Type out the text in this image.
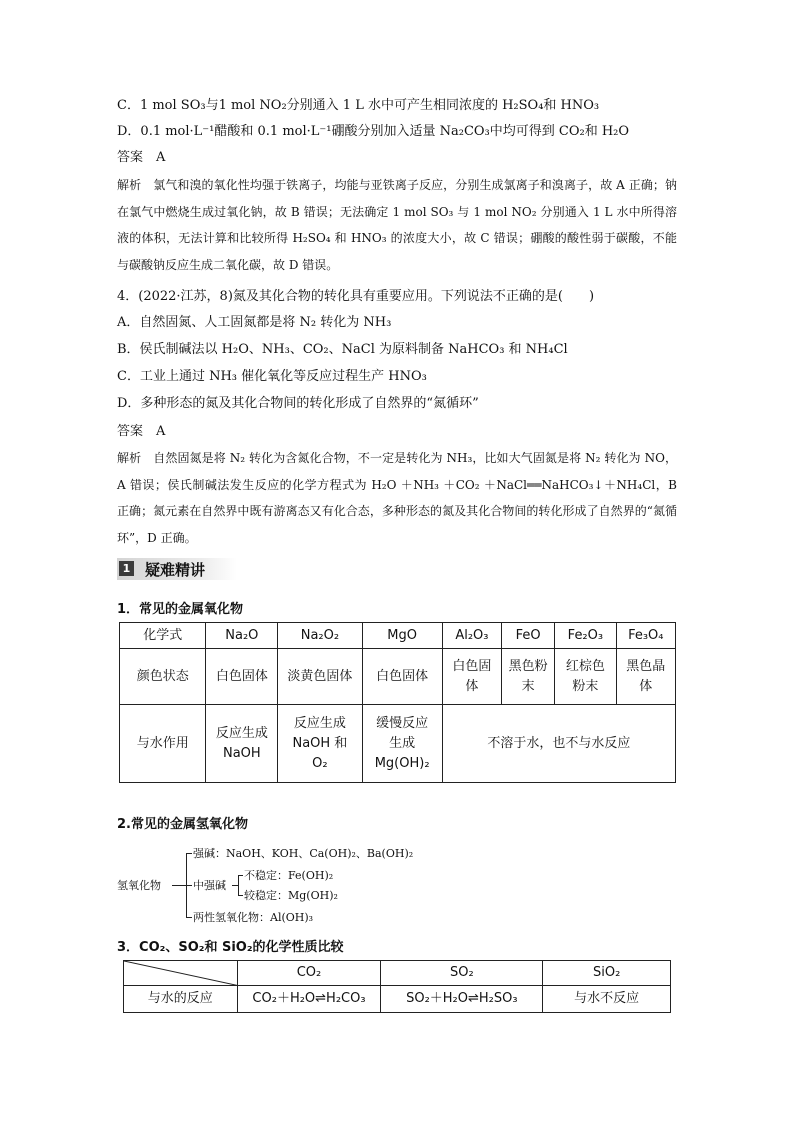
C．1 mol SO₃与1 mol NO₂分别通入 1 L 水中可产生相同浓度的 H₂SO₄和 HNO₃
D．0.1 mol·L⁻¹醋酸和 0.1 mol·L⁻¹硼酸分别加入适量 Na₂CO₃中均可得到 CO₂和 H₂O
答案　A
解析　氯气和溴的氧化性均强于铁离子，均能与亚铁离子反应，分别生成氯离子和溴离子，故 A 正确；钠在氯气中燃烧生成过氧化钠，故 B 错误；无法确定 1 mol SO₃ 与 1 mol NO₂ 分别通入 1 L 水中所得溶液的体积，无法计算和比较所得 H₂SO₄ 和 HNO₃ 的浓度大小，故 C 错误；硼酸的酸性弱于碳酸，不能与碳酸钠反应生成二氧化碳，故 D 错误。
4．(2022·江苏，8)氮及其化合物的转化具有重要应用。下列说法不正确的是(　　)
A．自然固氮、人工固氮都是将 N₂ 转化为 NH₃
B．侯氏制碱法以 H₂O、NH₃、CO₂、NaCl 为原料制备 NaHCO₃ 和 NH₄Cl
C．工业上通过 NH₃ 催化氧化等反应过程生产 HNO₃
D．多种形态的氮及其化合物间的转化形成了自然界的“氮循环”
答案　A
解析　自然固氮是将 N₂ 转化为含氮化合物，不一定是转化为 NH₃，比如大气固氮是将 N₂ 转化为 NO，A 错误；侯氏制碱法发生反应的化学方程式为 H₂O ＋NH₃ ＋CO₂ ＋NaCl══NaHCO₃↓＋NH₄Cl，B 正确；氮元素在自然界中既有游离态又有化合态，多种形态的氮及其化合物间的转化形成了自然界的“氮循环”，D 正确。
1 疑难精讲
1．常见的金属氧化物
化学式	Na₂O	Na₂O₂	MgO	Al₂O₃	FeO	Fe₂O₃	Fe₃O₄
颜色状态	白色固体	淡黄色固体	白色固体	白色固体	黑色粉末	红棕色粉末	黑色晶体
与水作用	反应生成NaOH	反应生成NaOH 和 O₂	缓慢反应生成Mg(OH)₂	不溶于水，也不与水反应			
2.常见的金属氢氧化物
氢氧化物
强碱：NaOH、KOH、Ca(OH)₂、Ba(OH)₂
中强碱
不稳定：Fe(OH)₂
较稳定：Mg(OH)₂
两性氢氧化物：Al(OH)₃
3．CO₂、SO₂和 SiO₂的化学性质比较
	CO₂	SO₂	SiO₂
与水的反应	CO₂＋H₂O⇌H₂CO₃	SO₂＋H₂O⇌H₂SO₃	与水不反应
